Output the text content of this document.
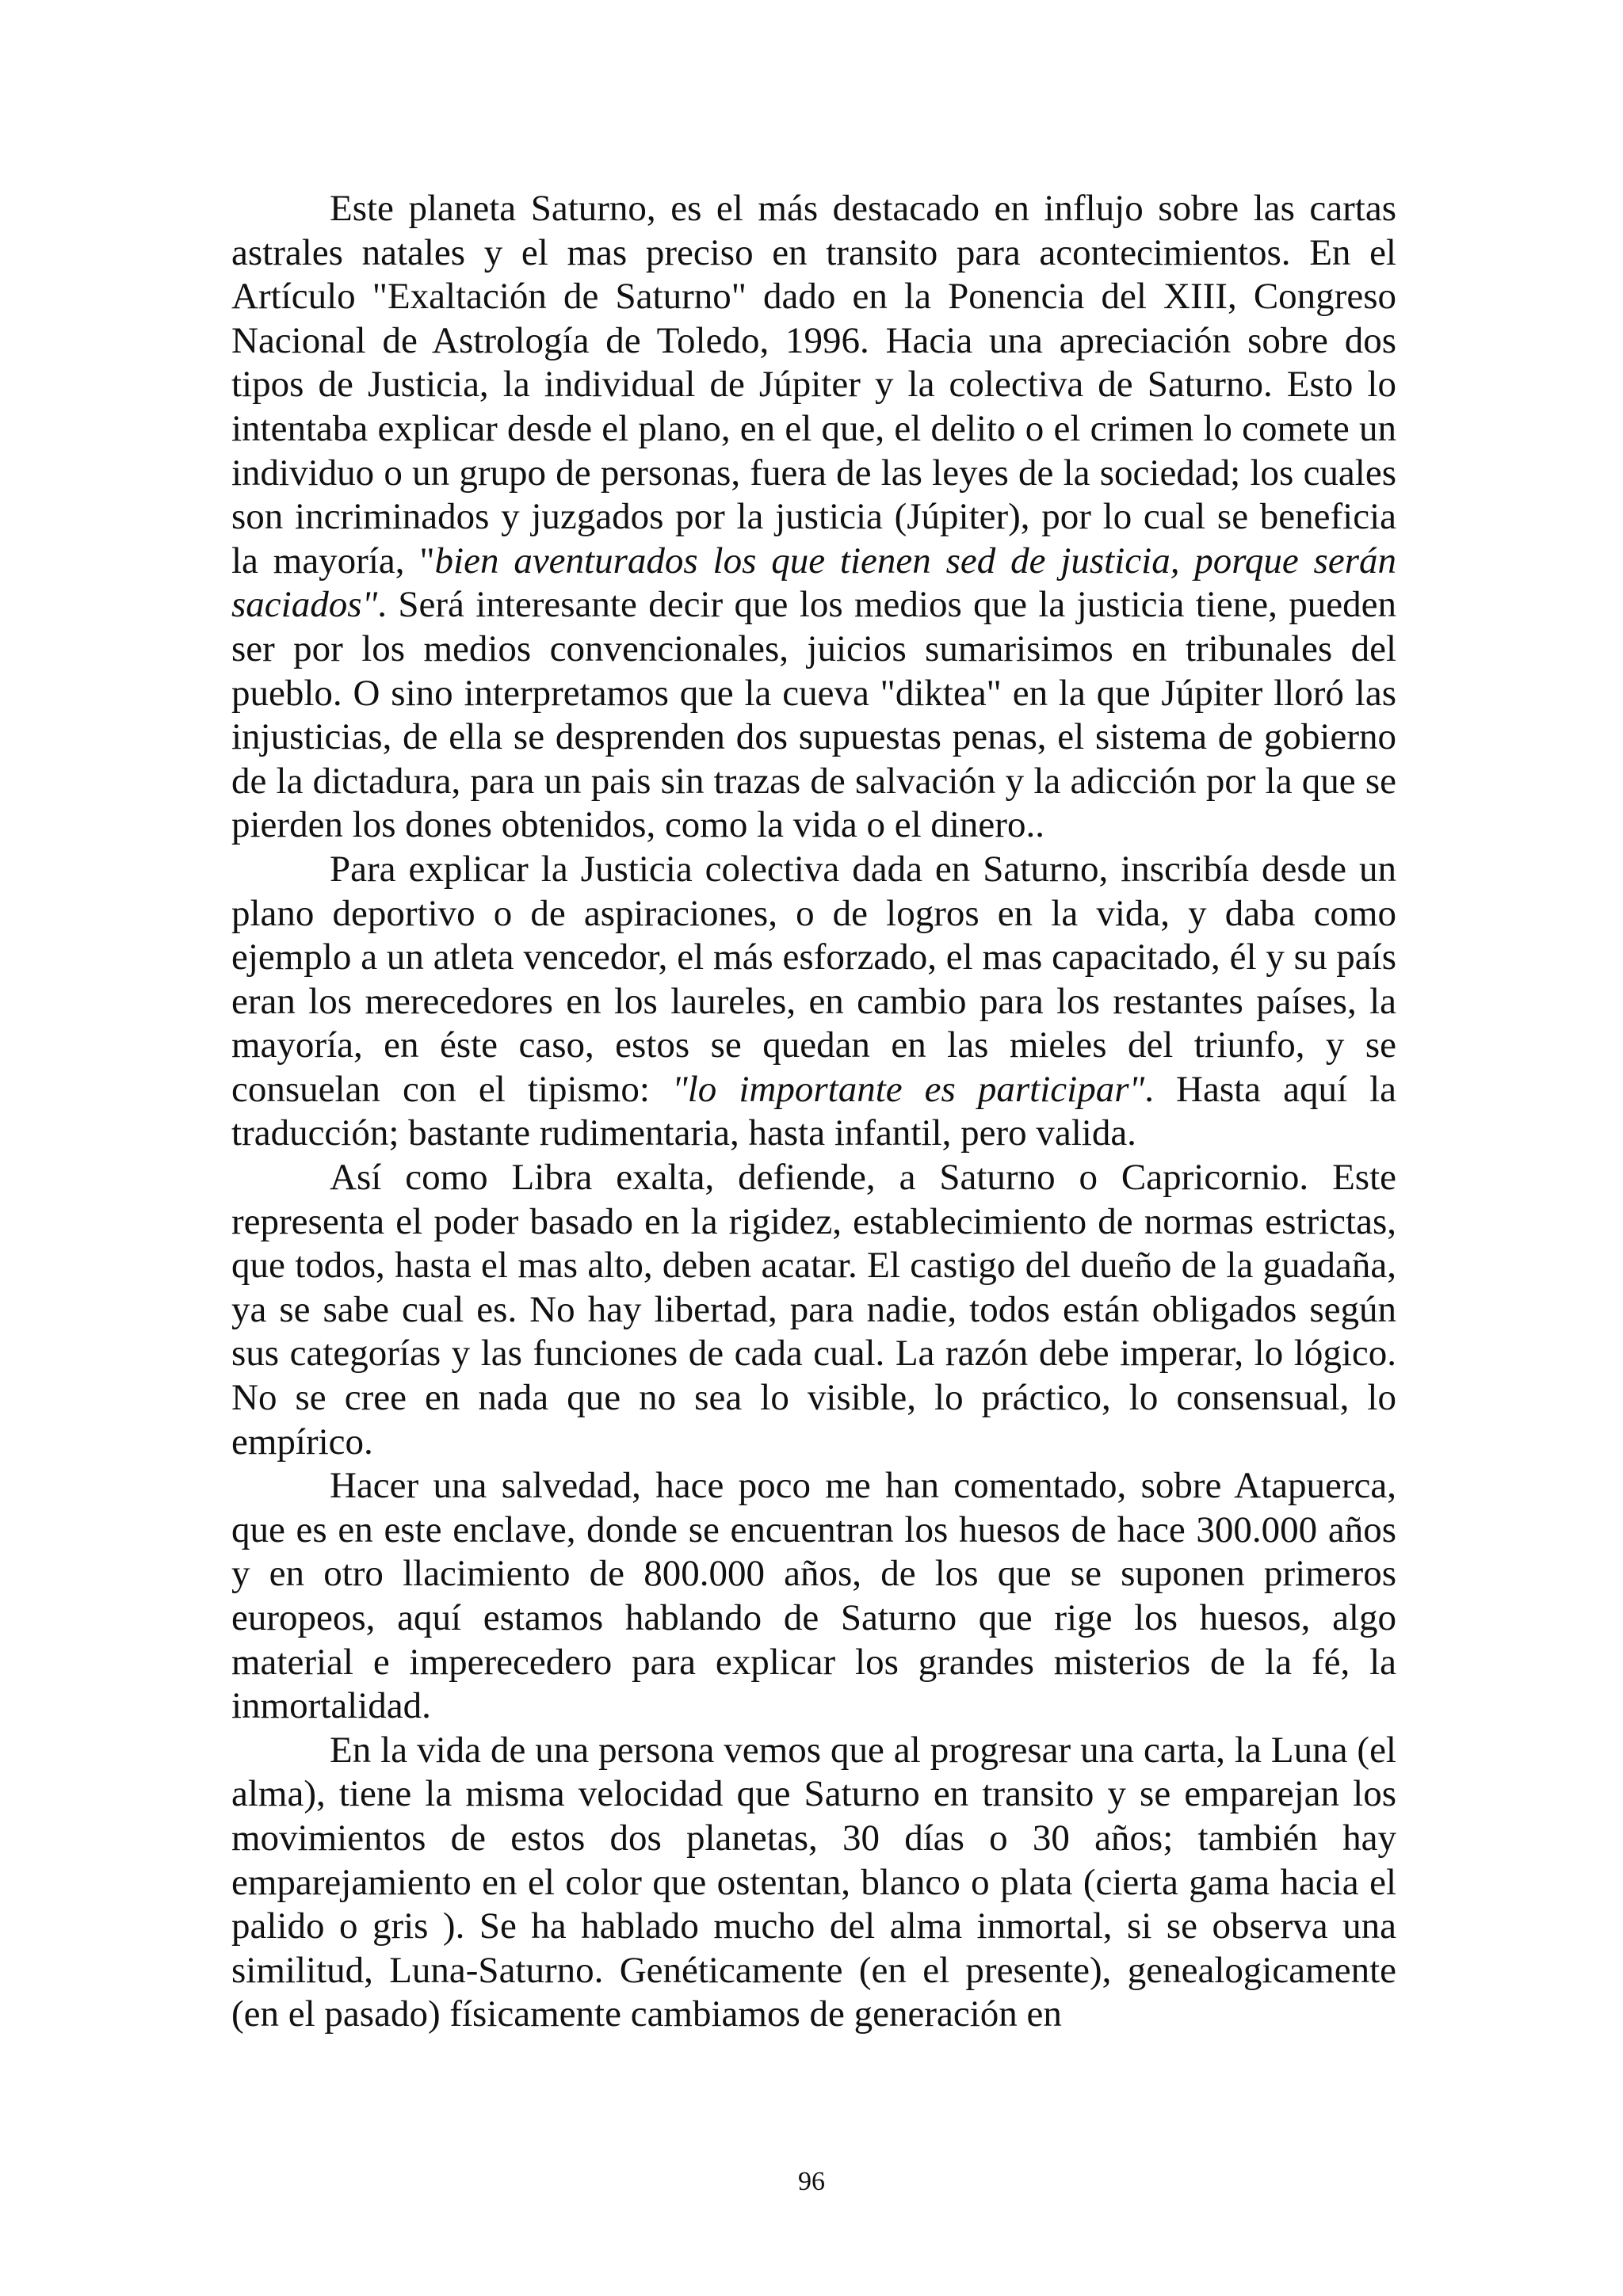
Este planeta Saturno, es el más destacado en influjo sobre las cartas astrales natales y el mas preciso en transito para acontecimientos. En el Artículo "Exaltación de Saturno" dado en la Ponencia del XIII, Congreso Nacional de Astrología de Toledo, 1996. Hacia una apreciación sobre dos tipos de Justicia, la individual de Júpiter y la colectiva de Saturno. Esto lo intentaba explicar desde el plano, en el que, el delito o el crimen lo comete un individuo o un grupo de personas, fuera de las leyes de la sociedad; los cuales son incriminados y juzgados por la justicia (Júpiter), por lo cual se beneficia la mayoría, "bien aventurados los que tienen sed de justicia, porque serán saciados". Será interesante decir que los medios que la justicia tiene, pueden ser por los medios convencionales, juicios sumarisimos en tribunales del pueblo. O sino interpretamos que la cueva "diktea" en la que Júpiter lloró las injusticias, de ella se desprenden dos supuestas penas, el sistema de gobierno de la dictadura, para un pais sin trazas de salvación y la adicción por la que se pierden los dones obtenidos, como la vida o el dinero..

Para explicar la Justicia colectiva dada en Saturno, inscribía desde un plano deportivo o de aspiraciones, o de logros en la vida, y daba como ejemplo a un atleta vencedor, el más esforzado, el mas capacitado, él y su país eran los merecedores en los laureles, en cambio para los restantes países, la mayoría, en éste caso, estos se quedan en las mieles del triunfo, y se consuelan con el tipismo: "lo importante es participar". Hasta aquí la traducción; bastante rudimentaria, hasta infantil, pero valida.

Así como Libra exalta, defiende, a Saturno o Capricornio. Este representa el poder basado en la rigidez, establecimiento de normas estrictas, que todos, hasta el mas alto, deben acatar. El castigo del dueño de la guadaña, ya se sabe cual es. No hay libertad, para nadie, todos están obligados según sus categorías y las funciones de cada cual. La razón debe imperar, lo lógico. No se cree en nada que no sea lo visible, lo práctico, lo consensual, lo empírico.

Hacer una salvedad, hace poco me han comentado, sobre Atapuerca, que es en este enclave, donde se encuentran los huesos de hace 300.000 años y en otro llacimiento de 800.000 años, de los que se suponen primeros europeos, aquí estamos hablando de Saturno que rige los huesos, algo material e imperecedero para explicar los grandes misterios de la fé, la inmortalidad.

En la vida de una persona vemos que al progresar una carta, la Luna (el alma), tiene la misma velocidad que Saturno en transito y se emparejan los movimientos de estos dos planetas, 30 días o 30 años; también hay emparejamiento en el color que ostentan, blanco o plata (cierta gama hacia el palido o gris ). Se ha hablado mucho del alma inmortal, si se observa una similitud, Luna-Saturno. Genéticamente (en el presente), genealogicamente (en el pasado) físicamente cambiamos de generación en

96
